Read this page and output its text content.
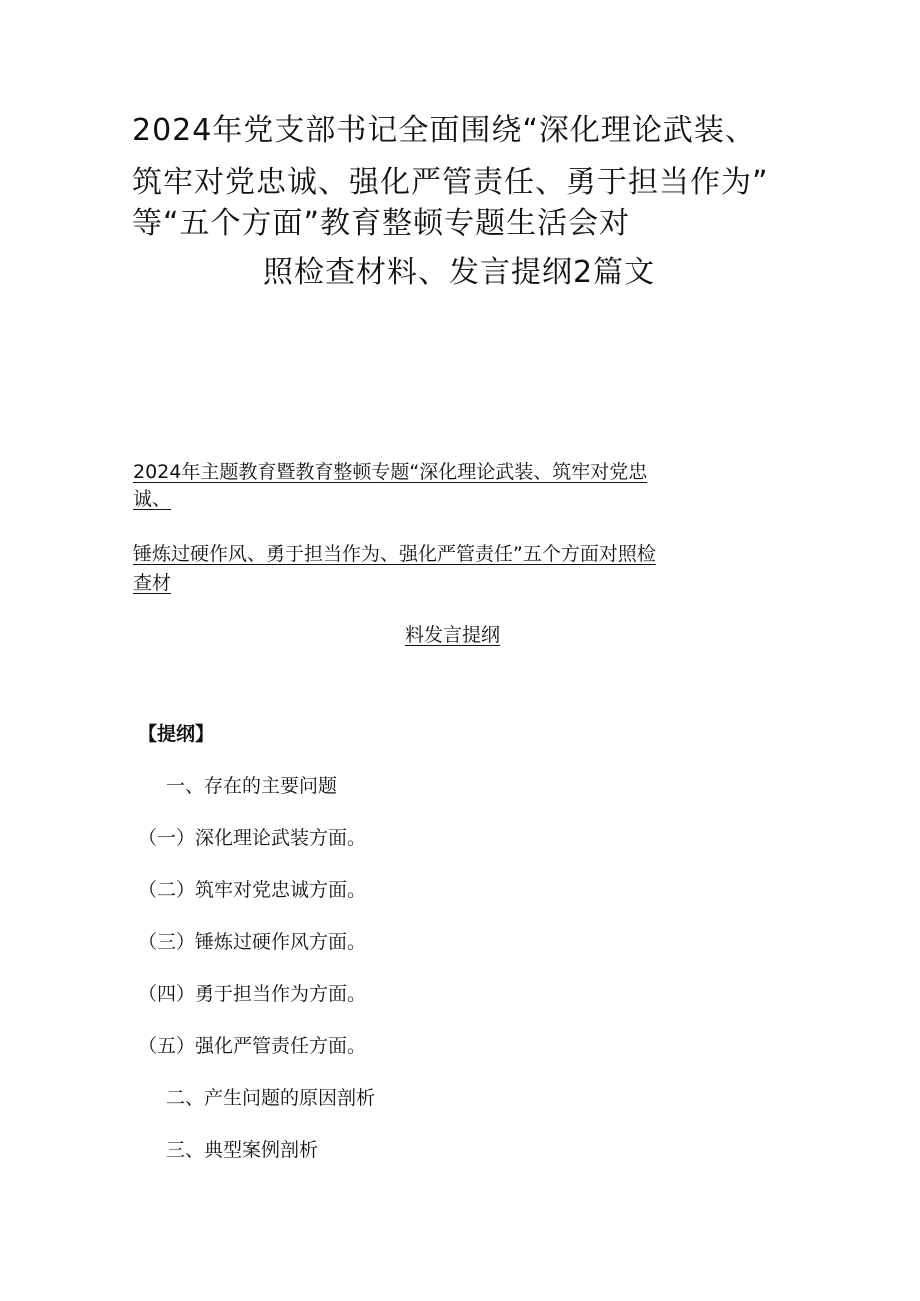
2024年党支部书记全面围绕“深化理论武装、
筑牢对党忠诚、强化严管责任、勇于担当作为”
等“五个方面”教育整顿专题生活会对
照检查材料、发言提纲2篇文
2024年主题教育暨教育整顿专题“深化理论武装、筑牢对党忠
诚、
锤炼过硬作风、勇于担当作为、强化严管责任”五个方面对照检
查材
料发言提纲
【提纲】
一、存在的主要问题
（一）深化理论武装方面。
（二）筑牢对党忠诚方面。
（三）锤炼过硬作风方面。
（四）勇于担当作为方面。
（五）强化严管责任方面。
二、产生问题的原因剖析
三、典型案例剖析
